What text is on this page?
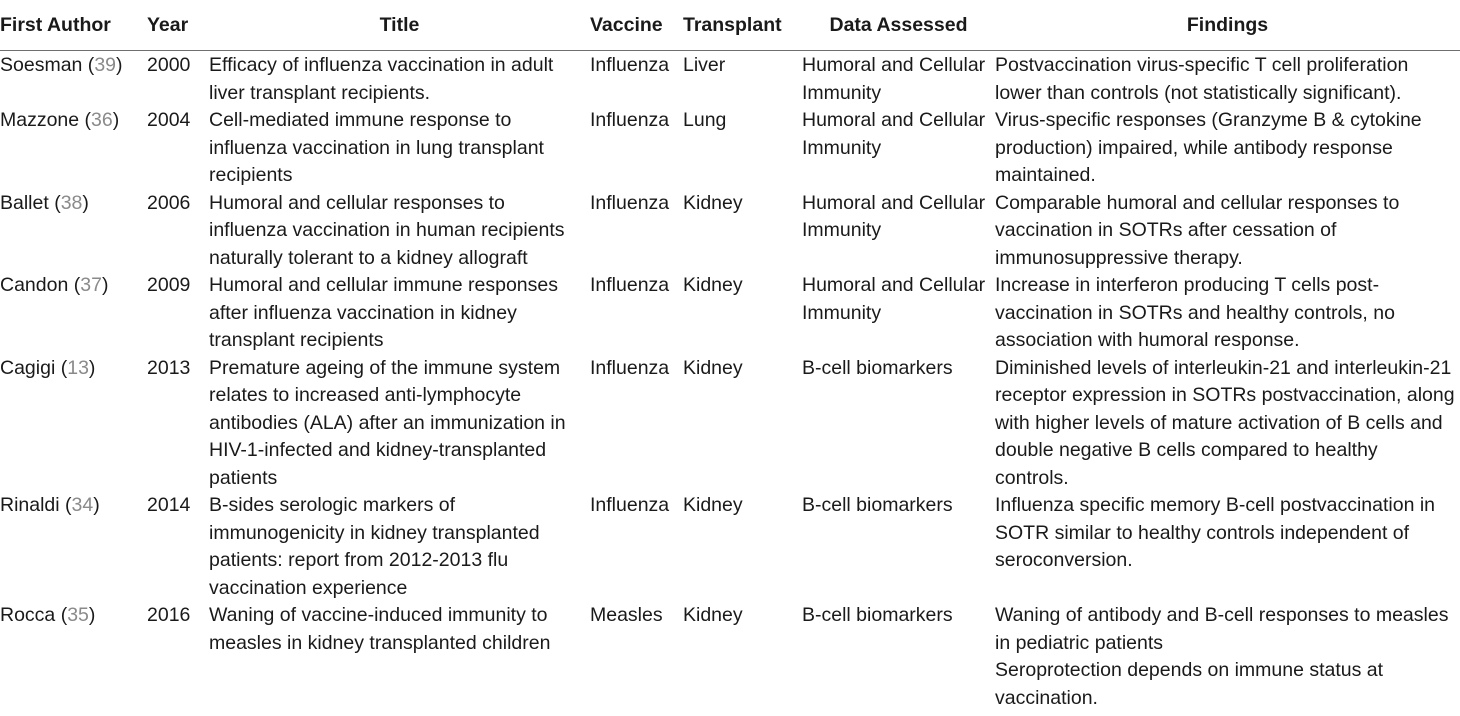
First Author	Year	Title	Vaccine	Transplant	Data Assessed	Findings
Soesman (39)	2000	Efficacy of influenza vaccination in adult liver transplant recipients.	Influenza	Liver	Humoral and Cellular Immunity	Postvaccination virus-specific T cell proliferation lower than controls (not statistically significant).

Mazzone (36)	2004	Cell-mediated immune response to influenza vaccination in lung transplant recipients	Influenza	Lung	Humoral and Cellular Immunity	Virus-specific responses (Granzyme B & cytokine production) impaired, while antibody response maintained.

Ballet (38)	2006	Humoral and cellular responses to influenza vaccination in human recipients naturally tolerant to a kidney allograft	Influenza	Kidney	Humoral and Cellular Immunity	Comparable humoral and cellular responses to vaccination in SOTRs after cessation of immunosuppressive therapy.

Candon (37)	2009	Humoral and cellular immune responses after influenza vaccination in kidney transplant recipients	Influenza	Kidney	Humoral and Cellular Immunity	Increase in interferon producing T cells post-vaccination in SOTRs and healthy controls, no association with humoral response.

Cagigi (13)	2013	Premature ageing of the immune system relates to increased anti-lymphocyte antibodies (ALA) after an immunization in HIV-1-infected and kidney-transplanted patients	Influenza	Kidney	B-cell biomarkers	Diminished levels of interleukin-21 and interleukin-21 receptor expression in SOTRs postvaccination, along with higher levels of mature activation of B cells and double negative B cells compared to healthy controls.

Rinaldi (34)	2014	B-sides serologic markers of immunogenicity in kidney transplanted patients: report from 2012-2013 flu vaccination experience	Influenza	Kidney	B-cell biomarkers	Influenza specific memory B-cell postvaccination in SOTR similar to healthy controls independent of seroconversion.

Rocca (35)	2016	Waning of vaccine-induced immunity to measles in kidney transplanted children	Measles	Kidney	B-cell biomarkers	Waning of antibody and B-cell responses to measles in pediatric patients
Seroprotection depends on immune status at vaccination.
